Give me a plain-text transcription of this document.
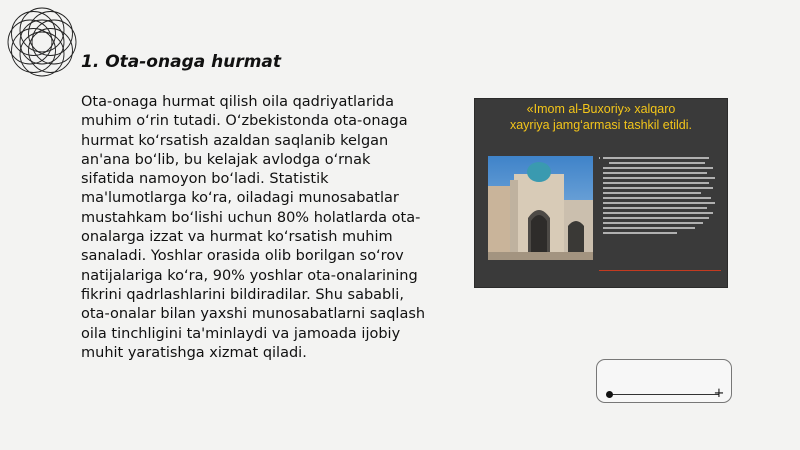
1. Ota-onaga hurmat

Ota-onaga hurmat qilish oila qadriyatlarida muhim o‘rin tutadi. O‘zbekistonda ota-onaga hurmat ko‘rsatish azaldan saqlanib kelgan an'ana bo‘lib, bu kelajak avlodga o‘rnak sifatida namoyon bo‘ladi. Statistik ma'lumotlarga ko‘ra, oiladagi munosabatlar mustahkam bo‘lishi uchun 80% holatlarda ota-onalarga izzat va hurmat ko‘rsatish muhim sanaladi. Yoshlar orasida olib borilgan so‘rov natijalariga ko‘ra, 90% yoshlar ota-onalarining fikrini qadrlashlarini bildiradilar. Shu sababli, ota-onalar bilan yaxshi munosabatlarni saqlash oila tinchligini ta'minlaydi va jamoada ijobiy muhit yaratishga xizmat qiladi.

«Imom al-Buxoriy» xalqaro
xayriya jamg‘armasi tashkil etildi.

+
